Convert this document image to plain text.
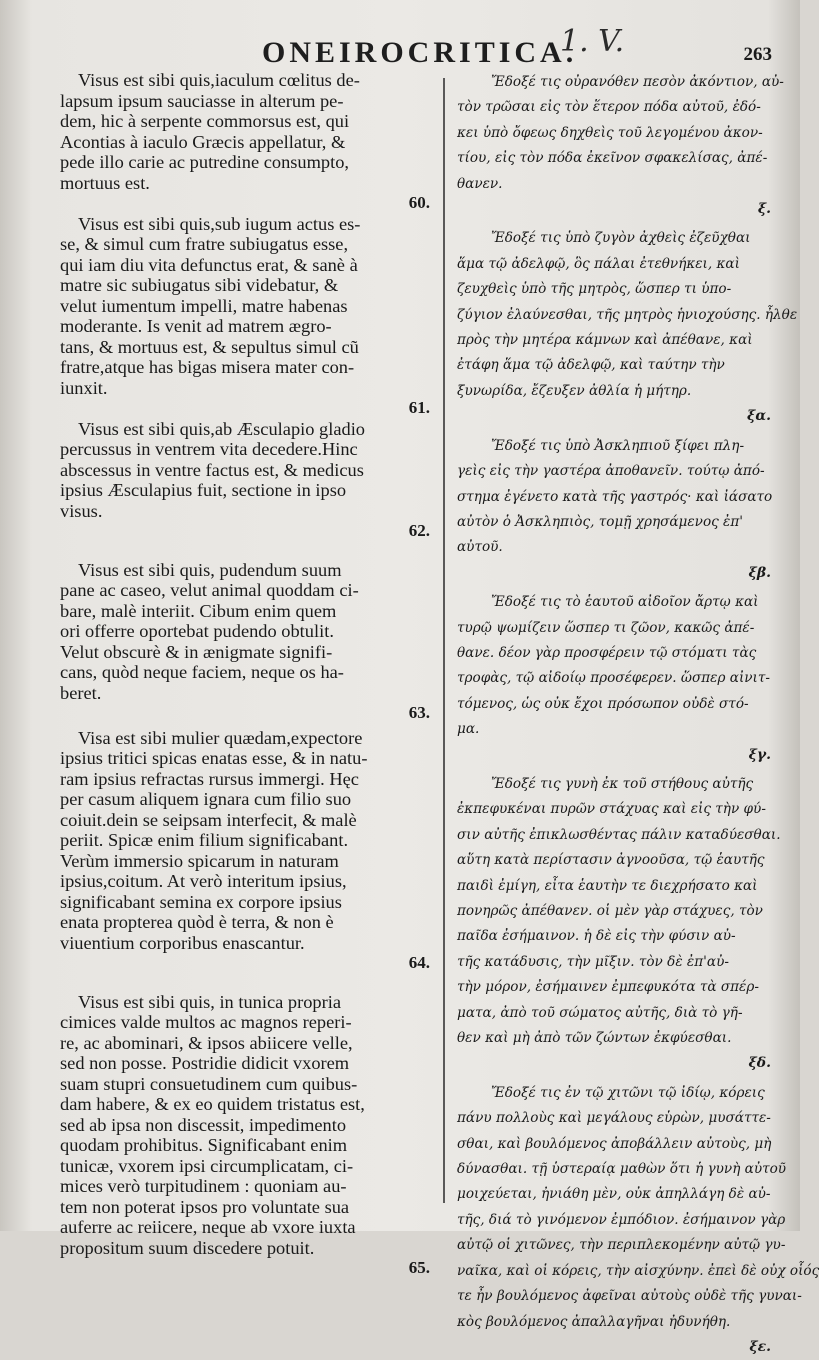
ONEIROCRITICA.
1. V.	263
Visus est sibi quis,iaculum cœlitus de-
lapsum ipsum sauciasse in alterum pe-
dem, hic à serpente commorsus est, qui
Acontias à iaculo Græcis appellatur, &
pede illo carie ac putredine consumpto,
mortuus est.
60.
Visus est sibi quis,sub iugum actus es-
se, & simul cum fratre subiugatus esse,
qui iam diu vita defunctus erat, & sanè à
matre sic subiugatus sibi videbatur, &
velut iumentum impelli, matre habenas
moderante. Is venit ad matrem ægro-
tans, & mortuus est, & sepultus simul cũ
fratre,atque has bigas misera mater con-
iunxit.
61.
Visus est sibi quis,ab Æsculapio gladio
percussus in ventrem vita decedere.Hinc
abscessus in ventre factus est, & medicus
ipsius Æsculapius fuit, sectione in ipso
visus.
62.
Visus est sibi quis, pudendum suum
pane ac caseo, velut animal quoddam ci-
bare, malè interiit. Cibum enim quem
ori offerre oportebat pudendo obtulit.
Velut obscurè & in ænigmate signifi-
cans, quòd neque faciem, neque os ha-
beret.
63.
Visa est sibi mulier quædam,expectore
ipsius tritici spicas enatas esse, & in natu-
ram ipsius refractas rursus immergi. Hęc
per casum aliquem ignara cum filio suo
coiuit.dein se seipsam interfecit, & malè
periit. Spicæ enim filium significabant.
Verùm immersio spicarum in naturam
ipsius,coitum. At verò interitum ipsius,
significabant semina ex corpore ipsius
enata propterea quòd è terra, & non è
viuentium corporibus enascantur.
64.
Visus est sibi quis, in tunica propria
cimices valde multos ac magnos reperi-
re, ac abominari, & ipsos abiicere velle,
sed non posse. Postridie didicit vxorem
suam stupri consuetudinem cum quibus-
dam habere, & ex eo quidem tristatus est,
sed ab ipsa non discessit, impedimento
quodam prohibitus. Significabant enim
tunicæ, vxorem ipsi circumplicatam, ci-
mices verò turpitudinem : quoniam au-
tem non poterat ipsos pro voluntate sua
auferre ac reiicere, neque ab vxore iuxta
propositum suum discedere potuit.
65.
Ἔδοξέ τις οὐρανόθεν πεσὸν ἀκόντιον, αὐ-
τὸν τρῶσαι εἰς τὸν ἕτερον πόδα αὐτοῦ, ἐδό-
κει ὑπὸ ὄφεως δηχθεὶς τοῦ λεγομένου ἀκον-
τίου, εἰς τὸν πόδα ἐκεῖνον σφακελίσας, ἀπέ-
θανεν.
ξ.
Ἔδοξέ τις ὑπὸ ζυγὸν ἀχθεὶς ἐζεῦχθαι
ἅμα τῷ ἀδελφῷ, ὃς πάλαι ἐτεθνήκει, καὶ
ζευχθεὶς ὑπὸ τῆς μητρὸς, ὥσπερ τι ὑπο-
ζύγιον ἐλαύνεσθαι, τῆς μητρὸς ἡνιοχούσης. ἦλθε
πρὸς τὴν μητέρα κάμνων καὶ ἀπέθανε, καὶ
ἐτάφη ἅμα τῷ ἀδελφῷ, καὶ ταύτην τὴν
ξυνωρίδα, ἔζευξεν ἀθλία ἡ μήτηρ.
ξα.
Ἔδοξέ τις ὑπὸ Ἀσκληπιοῦ ξίφει πλη-
γεὶς εἰς τὴν γαστέρα ἀποθανεῖν. τούτῳ ἀπό-
στημα ἐγένετο κατὰ τῆς γαστρός· καὶ ἰάσατο
αὐτὸν ὁ Ἀσκληπιὸς, τομῇ χρησάμενος ἐπ'
αὐτοῦ.
ξβ.
Ἔδοξέ τις τὸ ἑαυτοῦ αἰδοῖον ἄρτῳ καὶ
τυρῷ ψωμίζειν ὥσπερ τι ζῶον, κακῶς ἀπέ-
θανε. δέον γὰρ προσφέρειν τῷ στόματι τὰς
τροφὰς, τῷ αἰδοίῳ προσέφερεν. ὥσπερ αἰνιτ-
τόμενος, ὡς οὐκ ἔχοι πρόσωπον οὐδὲ στό-
μα.
ξγ.
Ἔδοξέ τις γυνὴ ἐκ τοῦ στήθους αὐτῆς
ἐκπεφυκέναι πυρῶν στάχυας καὶ εἰς τὴν φύ-
σιν αὐτῆς ἐπικλωσθέντας πάλιν καταδύεσθαι.
αὕτη κατὰ περίστασιν ἀγνοοῦσα, τῷ ἑαυτῆς
παιδὶ ἐμίγη, εἶτα ἑαυτὴν τε διεχρήσατο καὶ
πονηρῶς ἀπέθανεν. οἱ μὲν γὰρ στάχυες, τὸν
παῖδα ἐσήμαινον. ἡ δὲ εἰς τὴν φύσιν αὐ-
τῆς κατάδυσις, τὴν μῖξιν. τὸν δὲ ἐπ'αὐ-
τὴν μόρον, ἐσήμαινεν ἐμπεφυκότα τὰ σπέρ-
ματα, ἀπὸ τοῦ σώματος αὐτῆς, διὰ τὸ γῆ-
θεν καὶ μὴ ἀπὸ τῶν ζώντων ἐκφύεσθαι.
ξδ.
Ἔδοξέ τις ἐν τῷ χιτῶνι τῷ ἰδίῳ, κόρεις
πάνυ πολλοὺς καὶ μεγάλους εὑρὼν, μυσάττε-
σθαι, καὶ βουλόμενος ἀποβάλλειν αὐτοὺς, μὴ
δύνασθαι. τῇ ὑστεραίᾳ μαθὼν ὅτι ἡ γυνὴ αὐτοῦ
μοιχεύεται, ἠνιάθη μὲν, οὐκ ἀπηλλάγη δὲ αὐ-
τῆς, διά τὸ γινόμενον ἐμπόδιον. ἐσήμαινον γὰρ
αὐτῷ οἱ χιτῶνες, τὴν περιπλεκομένην αὐτῷ γυ-
ναῖκα, καὶ οἱ κόρεις, τὴν αἰσχύνην. ἐπεὶ δὲ οὐχ οἷός
τε ἦν βουλόμενος ἀφεῖναι αὐτοὺς οὐδὲ τῆς γυναι-
κὸς βουλόμενος ἀπαλλαγῆναι ἠδυνήθη.
ξε.
